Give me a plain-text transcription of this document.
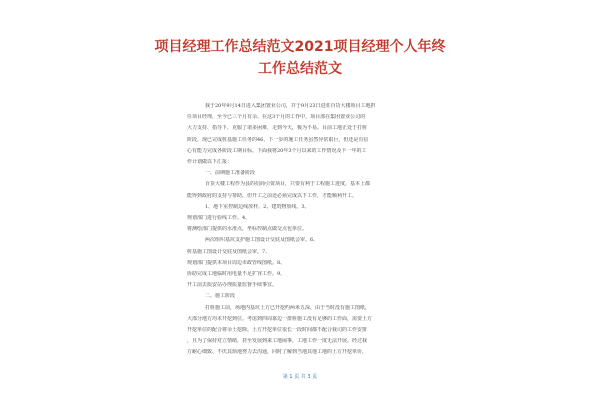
项目经理工作总结范文2021项目经理个人年终
工作总结范文
我于20年9月14日进入集团置业公司，并于9月23日进驻百货大楼项目工地担
任项目经理，至今已三个月有余。在这3个月的工作中，项目部在集团置业公司的
大力支持、指导下，克服了诸多困难，走到今天，极为不易。目前工地正处于打桩
阶段，现已完成桩基施工任务的46，下一步的施工任务虽然异常艰巨，但还是有信
心有能力完成各阶段工期目标。下面我将20年3个月以来的工作情况及下一年的工
作计划做以下汇报：
一、前期施工准备阶段
百货大楼工程作为县的招商引资项目，只要有利于工程施工进度，基本上都
能得到政府的支持与帮助，但开工之前还必须完成以下工作，才能顺利开工。
1、地下室控制边线放样。2、建筑物放线。3、
规划部门进行验线工作。4、
将测绘部门提供的水准点，坐标控制点做交点包单位。
两次组织基坑支护施工图设计交底及图纸会审。6、
桩基施工图设计交底及图纸会审。7、
规划部门提供本项目周边市政管线图纸。8、
协助完成工地临时用电量不足扩容工作。9、
开工前去质安站办理质量监督手续事宜。
二、施工阶段
打桩施工前，场地内基坑土方已开挖约两米五深，由于当时没有施工图纸，
大部分地方均未开挖到位。考虑到四周靠边一排桩施工没有足够的工作面，需要土方
开挖单位的配合将余土挖除。土方开挖单位很长一段时间都不配合我司的工作安排
，且为了保持对立情绪，甚至发展到来工地闹事，工地工作一度无法开展。经过我
方耐心细致、不厌其烦地努力去沟通，同时了解到当地其他工地的土方开挖单价，
第 1 页 共 3 页
